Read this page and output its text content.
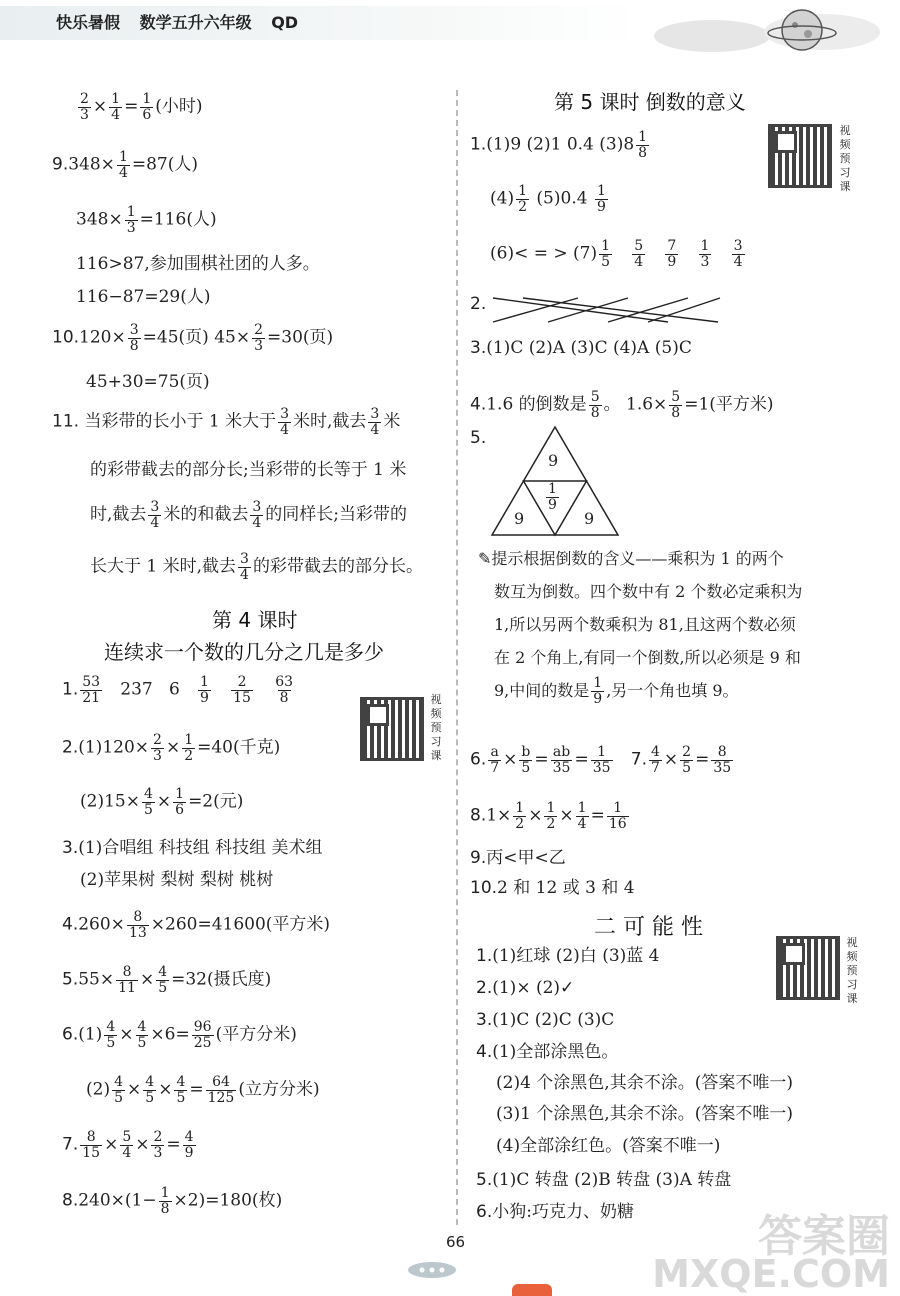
快乐暑假 数学五升六年级 QD
$\frac{2}{3} \times \frac{1}{4} = \frac{1}{6}$ (小时)
$9.348\times \frac{1}{4} =87$(人)
$348\times \frac{1}{3} =116$(人)
116>87,参加围棋社团的人多。
116−87=29(人)
$10.120\times \frac{3}{8} =45$(页) $45\times \frac{2}{3} =30$(页)
45+30=75(页)
11. 当彩带的长小于 1 米大于 $\frac{3}{4}$ 米时,截去 $\frac{3}{4}$ 米
的彩带截去的部分长;当彩带的长等于 1 米
时,截去 $\frac{3}{4}$ 米的和截去 $\frac{3}{4}$ 的同样长;当彩带的
长大于 1 米时,截去 $\frac{3}{4}$ 的彩带截去的部分长。
第 4 课时
连续求一个数的几分之几是多少
1. $\frac{53}{21} 237$ $6 \frac{1}{9}$
$\frac{2}{15}$
$\frac{63}{8}$	视
频
预
习
课
$2.(1)120\times \frac{2}{3} \times \frac{1}{2} =40$(千克)
$(2)15\times \frac{4}{5} \times \frac{1}{6} =2$(元)
3.(1)合唱组 科技组 科技组 美术组
(2)苹果树 梨树 梨树 桃树
$4.260\times \frac{8}{13} \times 260=41600$(平方米)
$5.55\times \frac{8}{11} \times \frac{4}{5} =32$(摄氏度)
$6.(1) \frac{4}{5} \times \frac{4}{5} \times 6= \frac{96}{25}$ (平方分米)
$(2) \frac{4}{5} \times \frac{4}{5} \times \frac{4}{5} = \frac{64}{125}$ (立方分米)
7. $\frac{8}{15} \times \frac{5}{4} \times \frac{2}{3} = \frac{4}{9}$
$8.240\times(1- \frac{1}{8} \times 2)=180$(枚)
第 5 课时 倒数的意义
视
频
预
习
课
1.(1)9 (2)1 0.4 $(3)8 \frac{1}{8}$
$(4) \frac{1}{2} (5)0.4 \frac{1}{9}$
(6)< = > $(7) \frac{1}{5}$
$\frac{5}{4}$
$\frac{7}{9}$
$\frac{1}{3}$
$\frac{3}{4}$
2.
3.(1)C (2)A (3)C (4)A (5)C
4.1.6 的倒数是 $\frac{5}{8}$ 。 $1.6\times \frac{5}{8} =1$(平方米)
5.
9
$\frac{1}{9}$
9	9
✎提示根据倒数的含义——乘积为 1 的两个
数互为倒数。四个数中有 2 个数必定乘积为
1,所以另两个数乘积为 81,且这两个数必须
在 2 个角上,有同一个倒数,所以必须是 9 和
9,中间的数是 $\frac{1}{9}$ ,另一个角也填 9。
6. $\frac{a}{7} \times \frac{b}{5} = \frac{ab}{35} = \frac{1}{35} 7$. $\frac{4}{7} \times \frac{2}{5} = \frac{8}{35}$
$8.1\times \frac{1}{2} \times \frac{1}{2} \times \frac{1}{4} = \frac{1}{16}$
9.丙<甲<乙
10.2 和 12 或 3 和 4
二 可 能 性
视
频
预
习
课
1.(1)红球 (2)白 (3)蓝 4
2.(1)× (2)✓
3.(1)C (2)C (3)C
4.(1)全部涂黑色。
(2)4 个涂黑色,其余不涂。(答案不唯一)
(3)1 个涂黑色,其余不涂。(答案不唯一)
(4)全部涂红色。(答案不唯一)
5.(1)C 转盘 (2)B 转盘 (3)A 转盘
6.小狗:巧克力、奶糖
66	答案圈
MXQE.COM
